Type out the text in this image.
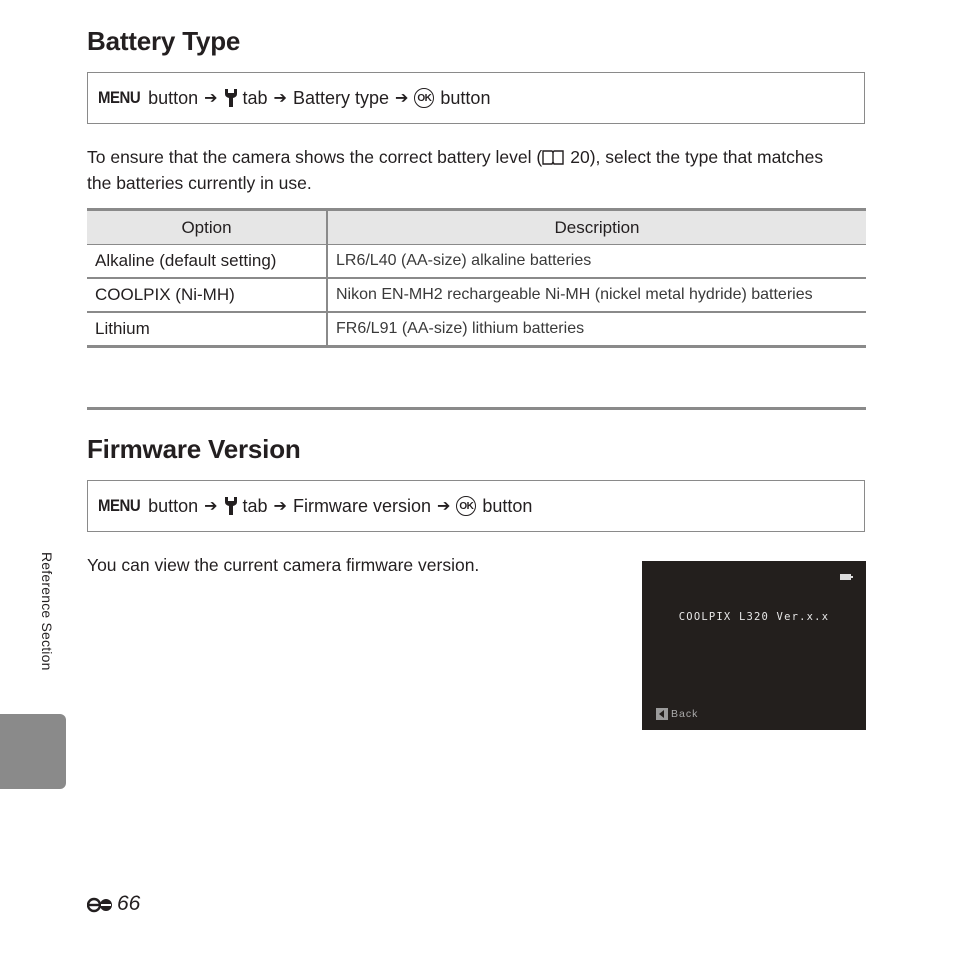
Battery Type
MENU button ➔ tab ➔ Battery type ➔ OK button

To ensure that the camera shows the correct battery level ( 20), select the type that matches the batteries currently in use.

Option	Description
Alkaline (default setting)	LR6/L40 (AA-size) alkaline batteries
COOLPIX (Ni-MH)	Nikon EN-MH2 rechargeable Ni-MH (nickel metal hydride) batteries
Lithium	FR6/L91 (AA-size) lithium batteries
Firmware Version
MENU button ➔ tab ➔ Firmware version ➔ OK button

You can view the current camera firmware version.

COOLPIX L320 Ver.x.x
Back
Reference Section
66
